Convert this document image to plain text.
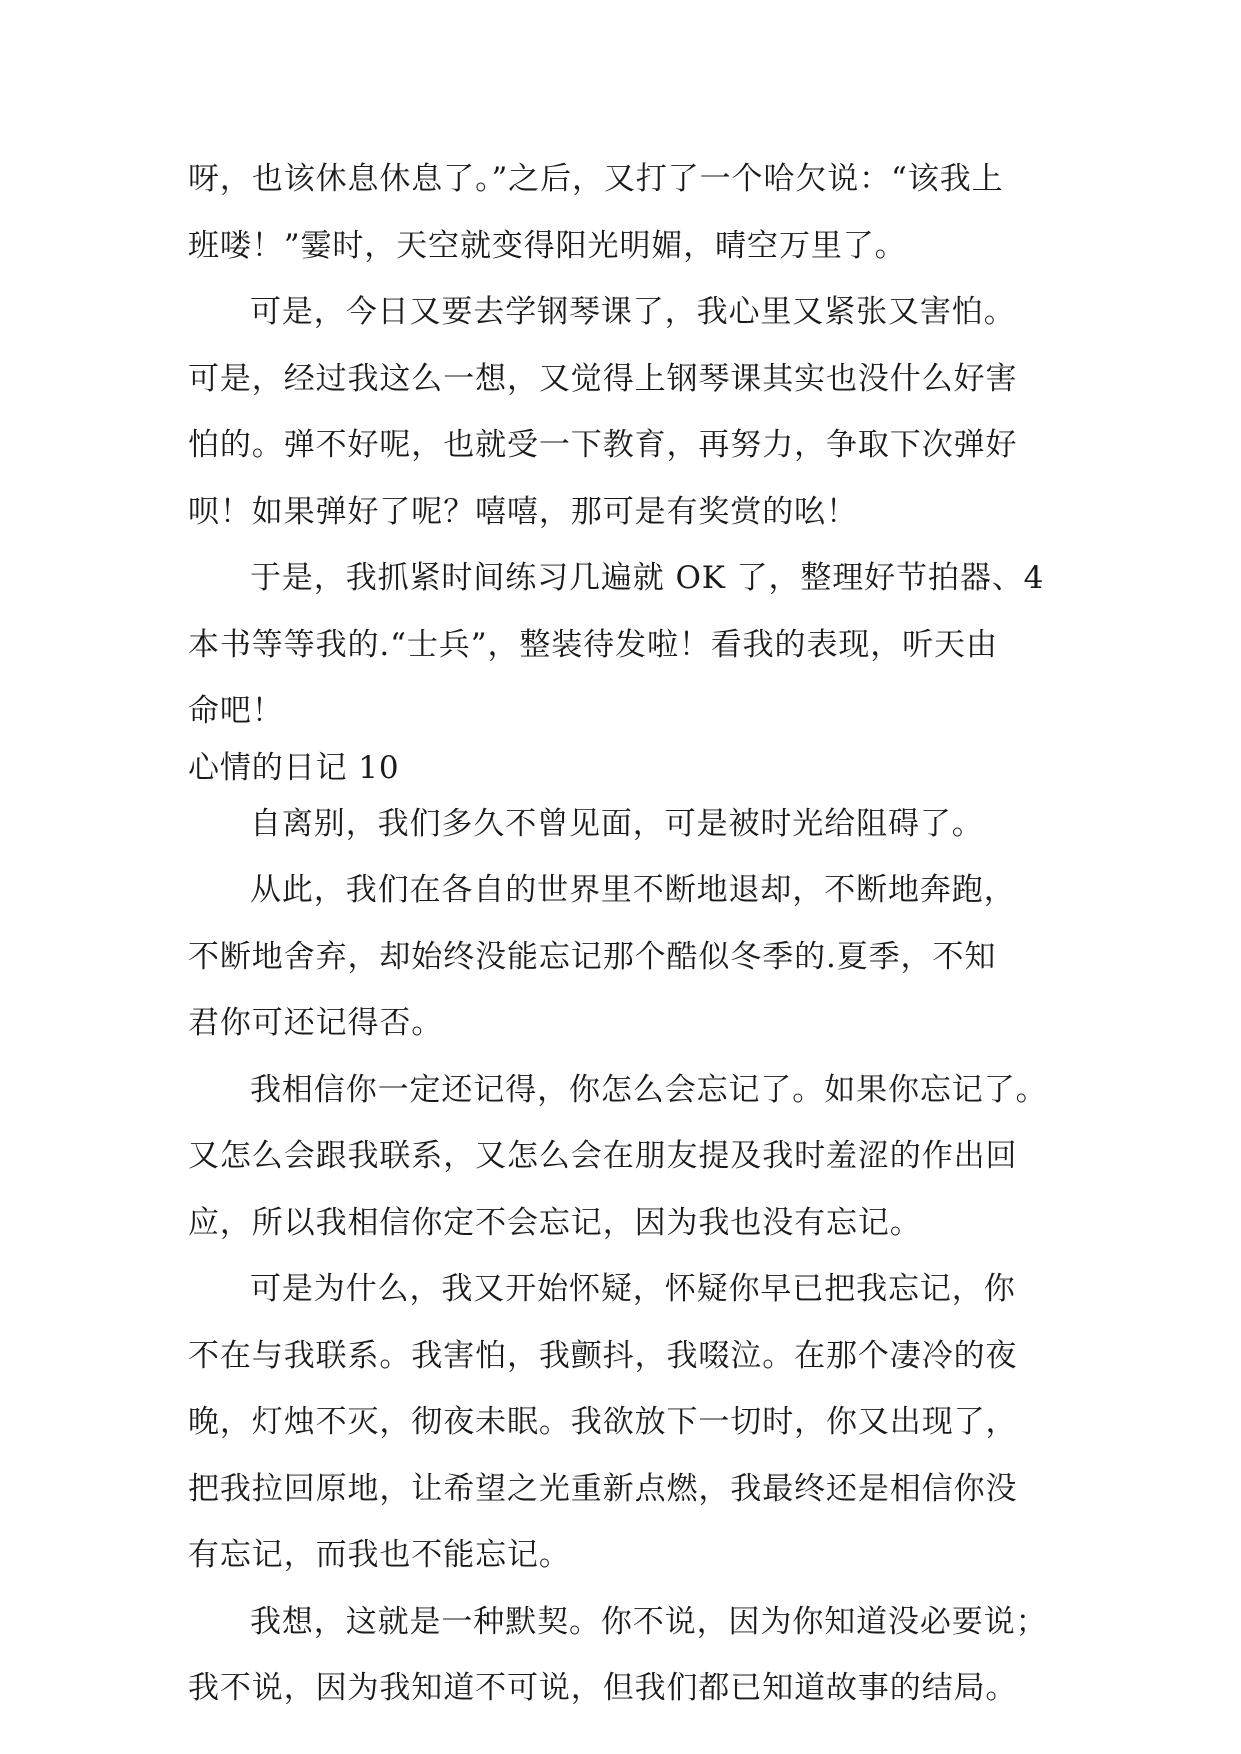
呀，也该休息休息了。”之后，又打了一个哈欠说：“该我上
班喽！”霎时，天空就变得阳光明媚，晴空万里了。
可是，今日又要去学钢琴课了，我心里又紧张又害怕。
可是，经过我这么一想，又觉得上钢琴课其实也没什么好害
怕的。弹不好呢，也就受一下教育，再努力，争取下次弹好
呗！如果弹好了呢？嘻嘻，那可是有奖赏的吆！
于是，我抓紧时间练习几遍就 OK 了，整理好节拍器、4
本书等等我的.“士兵”，整装待发啦！看我的表现，听天由
命吧！
心情的日记 10
自离别，我们多久不曾见面，可是被时光给阻碍了。
从此，我们在各自的世界里不断地退却，不断地奔跑，
不断地舍弃，却始终没能忘记那个酷似冬季的.夏季，不知
君你可还记得否。
我相信你一定还记得，你怎么会忘记了。如果你忘记了。
又怎么会跟我联系，又怎么会在朋友提及我时羞涩的作出回
应，所以我相信你定不会忘记，因为我也没有忘记。
可是为什么，我又开始怀疑，怀疑你早已把我忘记，你
不在与我联系。我害怕，我颤抖，我啜泣。在那个凄冷的夜
晚，灯烛不灭，彻夜未眠。我欲放下一切时，你又出现了，
把我拉回原地，让希望之光重新点燃，我最终还是相信你没
有忘记，而我也不能忘记。
我想，这就是一种默契。你不说，因为你知道没必要说；
我不说，因为我知道不可说，但我们都已知道故事的结局。
